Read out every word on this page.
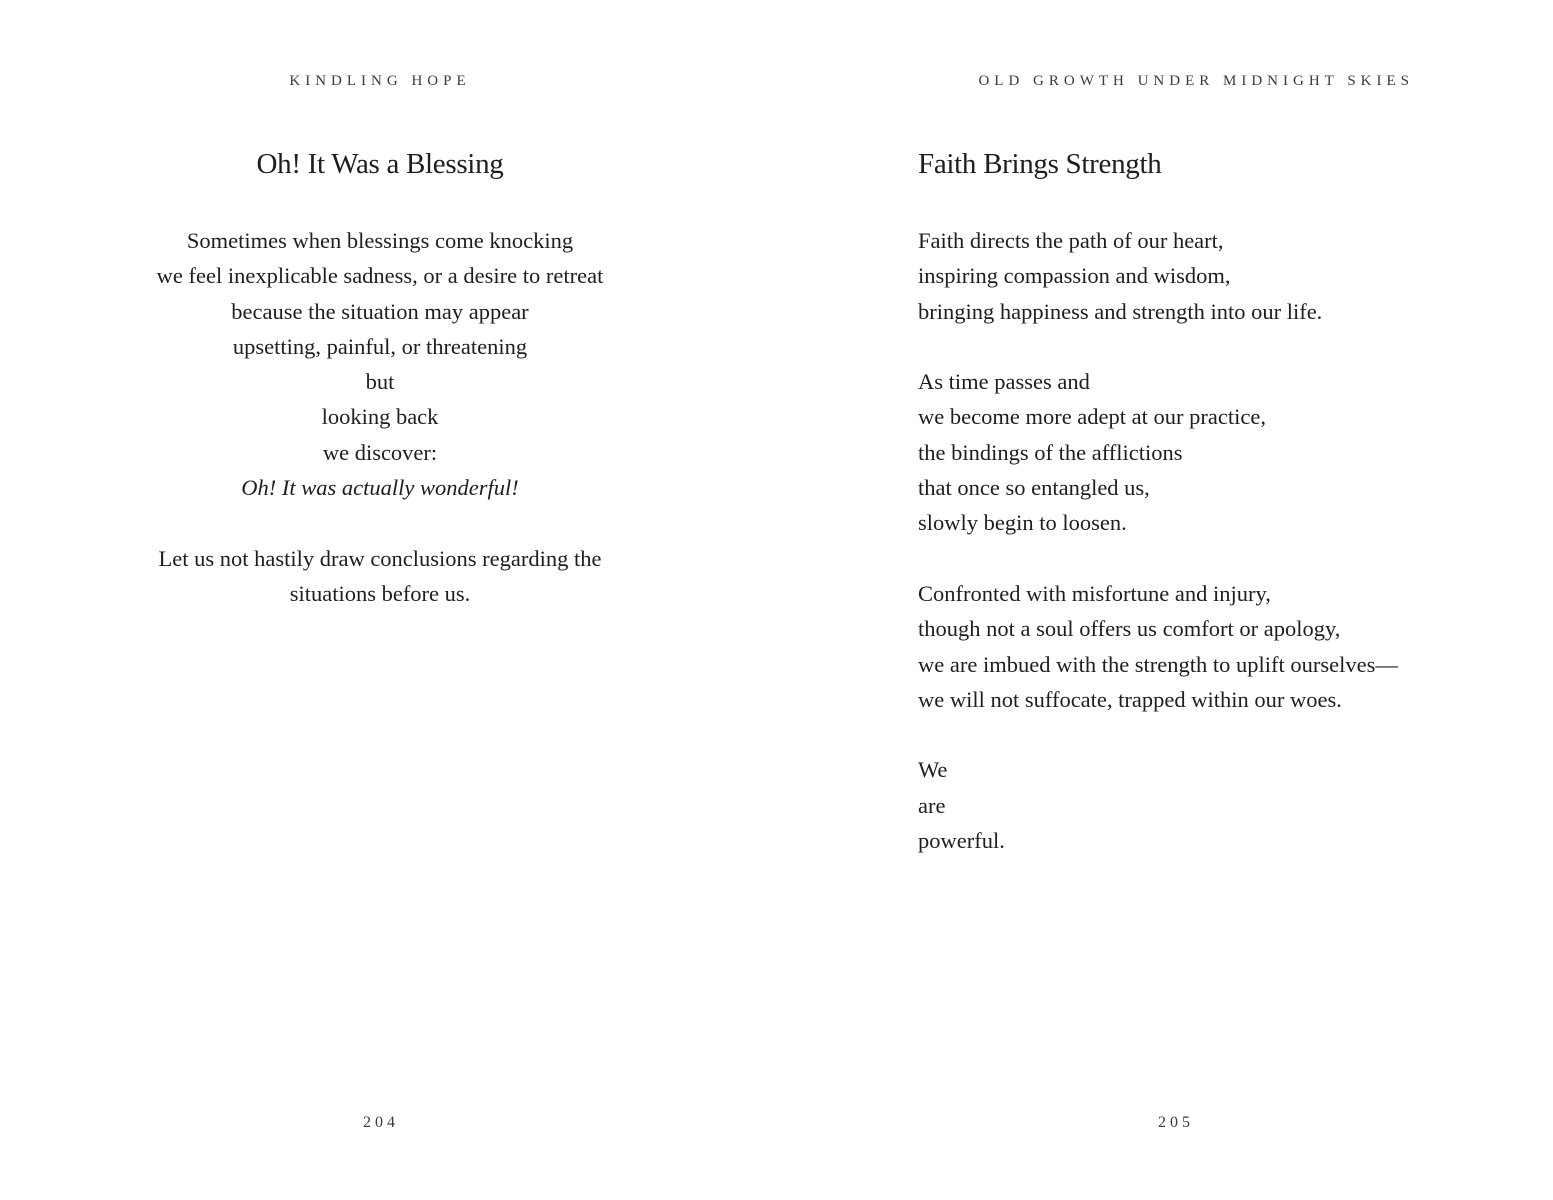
KINDLING HOPE
Oh! It Was a Blessing
Sometimes when blessings come knocking
we feel inexplicable sadness, or a desire to retreat
because the situation may appear
upsetting, painful, or threatening
but
looking back
we discover:
Oh! It was actually wonderful!
Let us not hastily draw conclusions regarding the
situations before us.
204
OLD GROWTH UNDER MIDNIGHT SKIES
Faith Brings Strength
Faith directs the path of our heart,
inspiring compassion and wisdom,
bringing happiness and strength into our life.
As time passes and
we become more adept at our practice,
the bindings of the afflictions
that once so entangled us,
slowly begin to loosen.
Confronted with misfortune and injury,
though not a soul offers us comfort or apology,
we are imbued with the strength to uplift ourselves—
we will not suffocate, trapped within our woes.
We
are
powerful.
205
